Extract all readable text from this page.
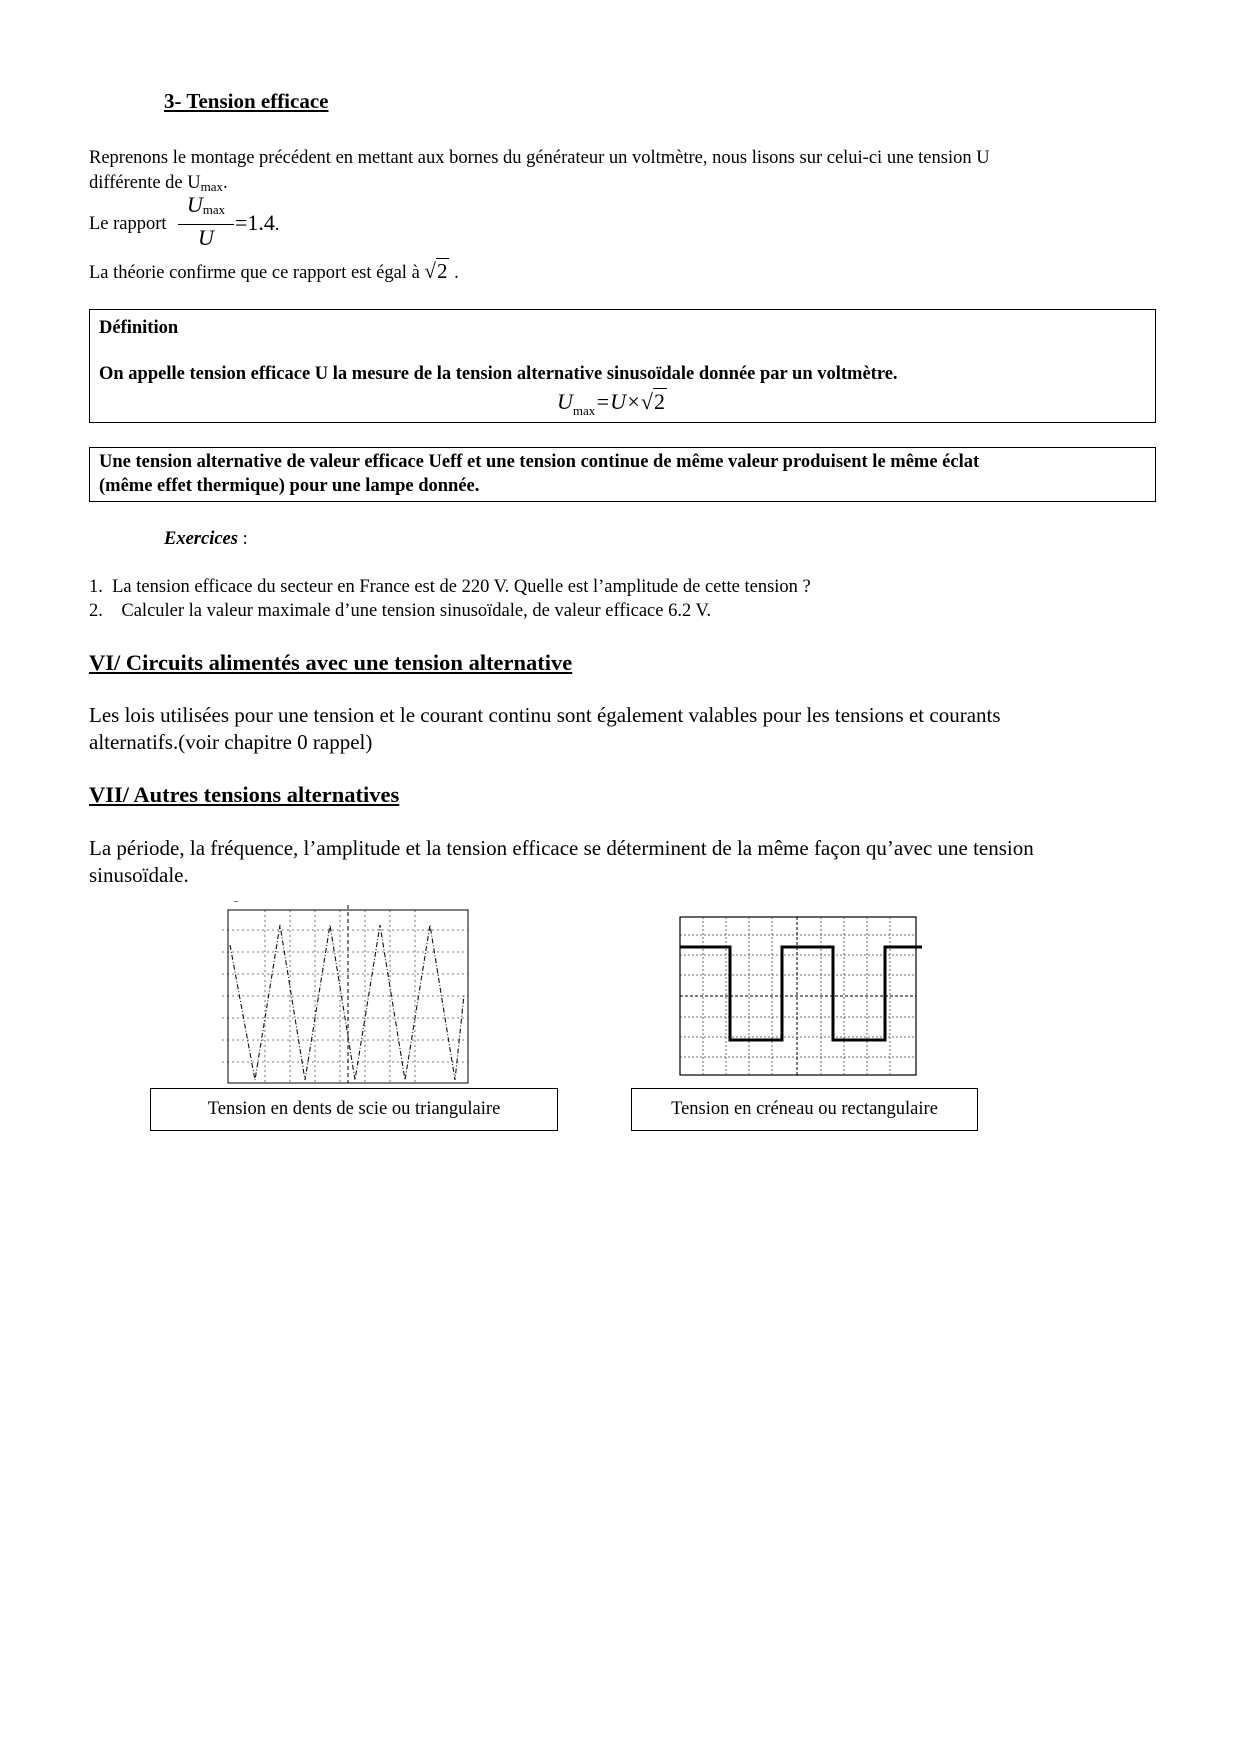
3- Tension efficace
Reprenons le montage précédent en mettant aux bornes du générateur un voltmètre, nous lisons sur celui-ci une tension U
différente de $U_{max}$.
Le rapport
Umax
U
=1.4.
La théorie confirme que ce rapport est égal à √2 .
Définition
On appelle tension efficace U la mesure de la tension alternative sinusoïdale donnée par un voltmètre.
$U_{max}=U\times√2$
Une tension alternative de valeur efficace Ueff et une tension continue de même valeur produisent le même éclat
(même effet thermique) pour une lampe donnée.
Exercices :
1. La tension efficace du secteur en France est de 220 V. Quelle est l’amplitude de cette tension ?
2. Calculer la valeur maximale d’une tension sinusoïdale, de valeur efficace 6.2 V.
VI/ Circuits alimentés avec une tension alternative
Les lois utilisées pour une tension et le courant continu sont également valables pour les tensions et courants
alternatifs.(voir chapitre 0 rappel)
VII/ Autres tensions alternatives
La période, la fréquence, l’amplitude et la tension efficace se déterminent de la même façon qu’avec une tension
sinusoïdale.
~
Tension en dents de scie ou triangulaire	Tension en créneau ou rectangulaire
